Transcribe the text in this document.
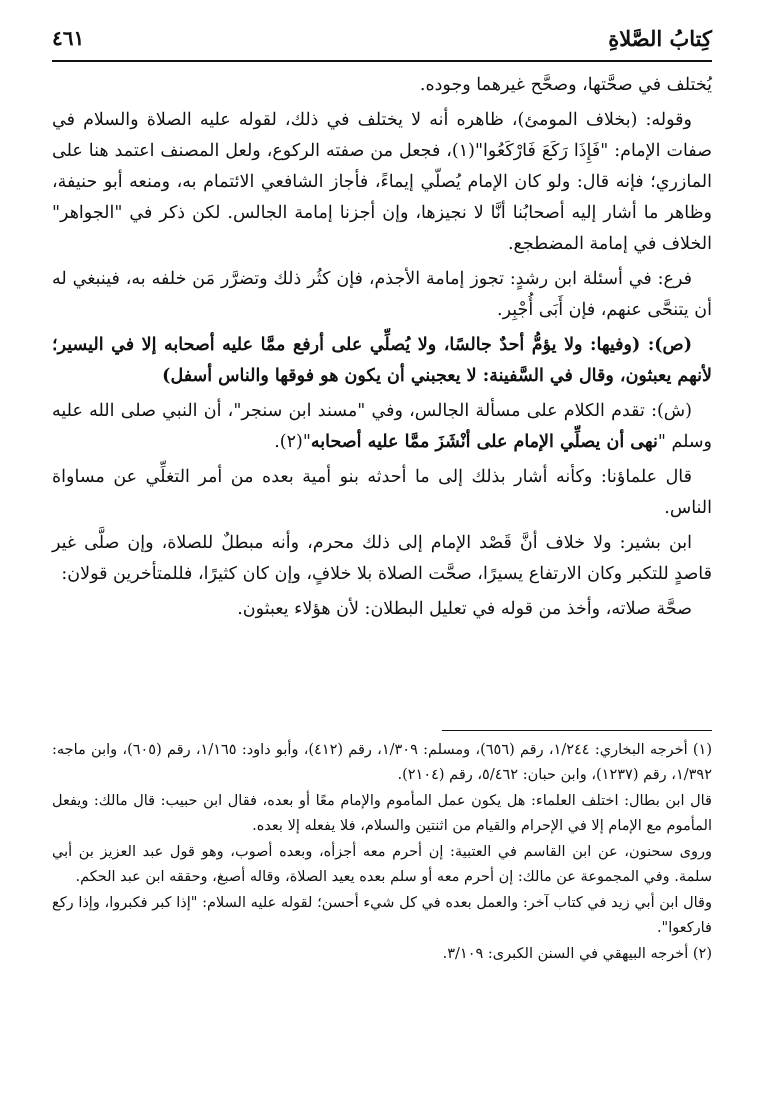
كِتابُ الصَّلاةِ
٤٦١

يُختلف في صحَّتها، وصحَّح غيرهما وجوده.

وقوله: (بخلاف المومئ)، ظاهره أنه لا يختلف في ذلك، لقوله عليه الصلاة والسلام في صفات الإمام: "فَإِذَا رَكَعَ فَارْكَعُوا"(١)، فجعل من صفته الركوع، ولعل المصنف اعتمد هنا على المازري؛ فإنه قال: ولو كان الإمام يُصلّي إيماءً، فأجاز الشافعي الائتمام به، ومنعه أبو حنيفة، وظاهر ما أشار إليه أصحابُنا أنَّا لا نجيزها، وإن أجزنا إمامة الجالس. لكن ذكر في "الجواهر" الخلاف في إمامة المضطجع.

فرع: في أسئلة ابن رشدٍ: تجوز إمامة الأجذم، فإن كثُر ذلك وتضرَّر مَن خلفه به، فينبغي له أن يتنحَّى عنهم، فإن أَبَى أُجْبِر.

(ص): (وفيها: ولا يؤمُّ أحدٌ جالسًا، ولا يُصلِّي على أرفع ممَّا عليه أصحابه إلا في اليسير؛ لأنهم يعبثون، وقال في السَّفينة: لا يعجبني أن يكون هو فوقها والناس أسفل)

(ش): تقدم الكلام على مسألة الجالس، وفي "مسند ابن سنجر"، أن النبي صلى الله عليه وسلم "نهى أن يصلِّي الإمام على أنْشَزَ ممَّا عليه أصحابه"(٢).

قال علماؤنا: وكأنه أشار بذلك إلى ما أحدثه بنو أمية بعده من أمر التغلِّي عن مساواة الناس.

ابن بشير: ولا خلاف أنَّ قَصْد الإمام إلى ذلك محرم، وأنه مبطلٌ للصلاة، وإن صلَّى غير قاصدٍ للتكبر وكان الارتفاع يسيرًا، صحَّت الصلاة بلا خلافٍ، وإن كان كثيرًا، فللمتأخرين قولان:

صحَّة صلاته، وأخذ من قوله في تعليل البطلان: لأن هؤلاء يعبثون.

(١) أخرجه البخاري: ١/٢٤٤، رقم (٦٥٦)، ومسلم: ١/٣٠٩، رقم (٤١٢)، وأبو داود: ١/١٦٥، رقم (٦٠٥)، وابن ماجه: ١/٣٩٢، رقم (١٢٣٧)، وابن حبان: ٥/٤٦٢، رقم (٢١٠٤).

قال ابن بطال: اختلف العلماء: هل يكون عمل المأموم والإمام معًا أو بعده، فقال ابن حبيب: قال مالك: ويفعل المأموم مع الإمام إلا في الإحرام والقيام من اثنتين والسلام، فلا يفعله إلا بعده.

وروى سحنون، عن ابن القاسم في العتبية: إن أحرم معه أجزأه، وبعده أصوب، وهو قول عبد العزيز بن أبي سلمة. وفي المجموعة عن مالك: إن أحرم معه أو سلم بعده يعيد الصلاة، وقاله أصبغ، وحققه ابن عبد الحكم.

وقال ابن أبي زيد في كتاب آخر: والعمل بعده في كل شيء أحسن؛ لقوله عليه السلام: "إذا كبر فكبروا، وإذا ركع فاركعوا".

(٢) أخرجه البيهقي في السنن الكبرى: ٣/١٠٩.
